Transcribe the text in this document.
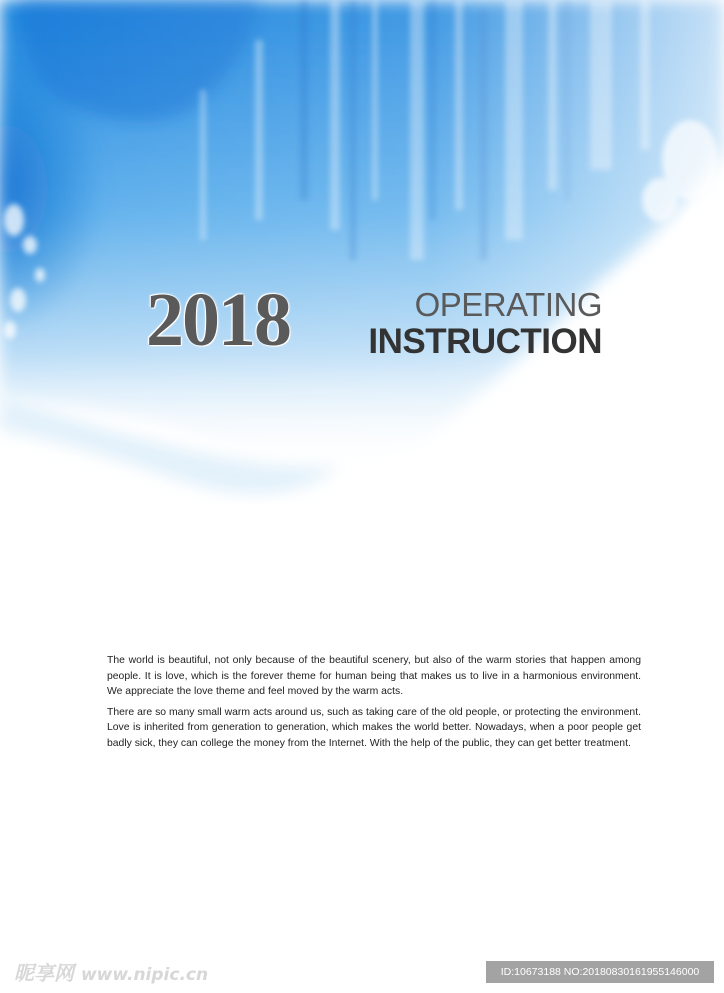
2018	OPERATING
INSTRUCTION

The world is beautiful, not only because of the beautiful scenery, but also of the warm stories that happen among people. It is love, which is the forever theme for human being that makes us to live in a harmonious environment. We appreciate the love theme and feel moved by the warm acts.

There are so many small warm acts around us, such as taking care of the old people, or protecting the environment. Love is inherited from generation to generation, which makes the world better. Nowadays, when a poor people get badly sick, they can college the money from the Internet. With the help of the public, they can get better treatment.

昵享网 www.nipic.cn	ID:10673188 NO:20180830161955146000
